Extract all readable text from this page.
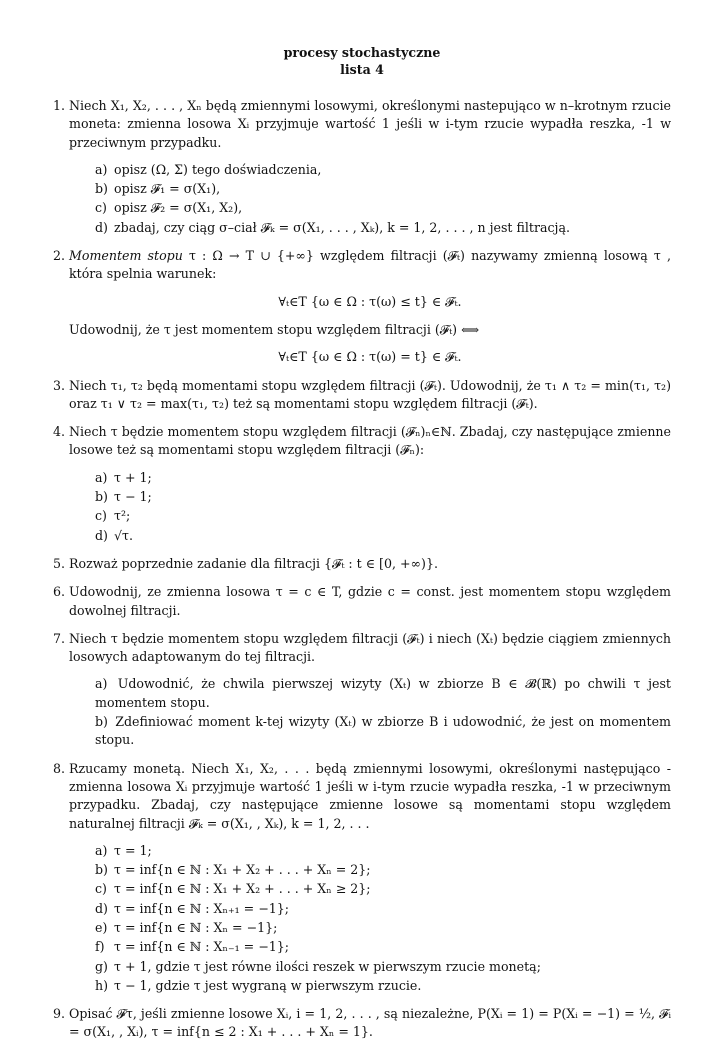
procesy stochastyczne
lista 4
1. Niech X₁, X₂, . . . , Xₙ będą zmiennymi losowymi, określonymi nastepująco w n–krotnym rzucie moneta: zmienna losowa Xᵢ przyjmuje wartość 1 jeśli w i-tym rzucie wypadła reszka, -1 w przeciwnym przypadku.
a) opisz (Ω, Σ) tego doświadczenia,
b) opisz 𝓕₁ = σ(X₁),
c) opisz 𝓕₂ = σ(X₁, X₂),
d) zbadaj, czy ciąg σ–ciał 𝓕ₖ = σ(X₁, . . . , Xₖ), k = 1, 2, . . . , n jest filtracją.
2. Momentem stopu τ : Ω → T ∪ {+∞} względem filtracji (𝓕ₜ) nazywamy zmienną losową τ , która spelnia warunek:
∀ₜ∈T {ω ∈ Ω : τ(ω) ≤ t} ∈ 𝓕ₜ.
Udowodnij, że τ jest momentem stopu względem filtracji (𝓕ₜ) ⟺
∀ₜ∈T {ω ∈ Ω : τ(ω) = t} ∈ 𝓕ₜ.
3. Niech τ₁, τ₂ będą momentami stopu względem filtracji (𝓕ₜ). Udowodnij, że τ₁ ∧ τ₂ = min(τ₁, τ₂) oraz τ₁ ∨ τ₂ = max(τ₁, τ₂) też są momentami stopu względem filtracji (𝓕ₜ).
4. Niech τ będzie momentem stopu względem filtracji (𝓕ₙ)ₙ∈ℕ. Zbadaj, czy następujące zmienne losowe też są momentami stopu względem filtracji (𝓕ₙ):
a) τ + 1;
b) τ − 1;
c) τ²;
d) √τ.
5. Rozważ poprzednie zadanie dla filtracji {𝓕ₜ : t ∈ [0, +∞)}.
6. Udowodnij, ze zmienna losowa τ = c ∈ T, gdzie c = const. jest momentem stopu względem dowolnej filtracji.
7. Niech τ będzie momentem stopu względem filtracji (𝓕ₜ) i niech (Xₜ) będzie ciągiem zmiennych losowych adaptowanym do tej filtracji.
a) Udowodnić, że chwila pierwszej wizyty (Xₜ) w zbiorze B ∈ 𝓑(ℝ) po chwili τ jest momentem stopu.
b) Zdefiniować moment k-tej wizyty (Xₜ) w zbiorze B i udowodnić, że jest on momentem stopu.
8. Rzucamy monetą. Niech X₁, X₂, . . . będą zmiennymi losowymi, określonymi następująco - zmienna losowa Xᵢ przyjmuje wartość 1 jeśli w i-tym rzucie wypadła reszka, -1 w przeciwnym przypadku. Zbadaj, czy następujące zmienne losowe są momentami stopu względem naturalnej filtracji 𝓕ₖ = σ(X₁, , Xₖ), k = 1, 2, . . .
a) τ = 1;
b) τ = inf{n ∈ ℕ : X₁ + X₂ + . . . + Xₙ = 2};
c) τ = inf{n ∈ ℕ : X₁ + X₂ + . . . + Xₙ ≥ 2};
d) τ = inf{n ∈ ℕ : Xₙ₊₁ = −1};
e) τ = inf{n ∈ ℕ : Xₙ = −1};
f) τ = inf{n ∈ ℕ : Xₙ₋₁ = −1};
g) τ + 1, gdzie τ jest równe ilości reszek w pierwszym rzucie monetą;
h) τ − 1, gdzie τ jest wygraną w pierwszym rzucie.
9. Opisać 𝓕τ, jeśli zmienne losowe Xᵢ, i = 1, 2, . . . , są niezależne, P(Xᵢ = 1) = P(Xᵢ = −1) = ½, 𝓕ᵢ = σ(X₁, , Xᵢ), τ = inf{n ≤ 2 : X₁ + . . . + Xₙ = 1}.
